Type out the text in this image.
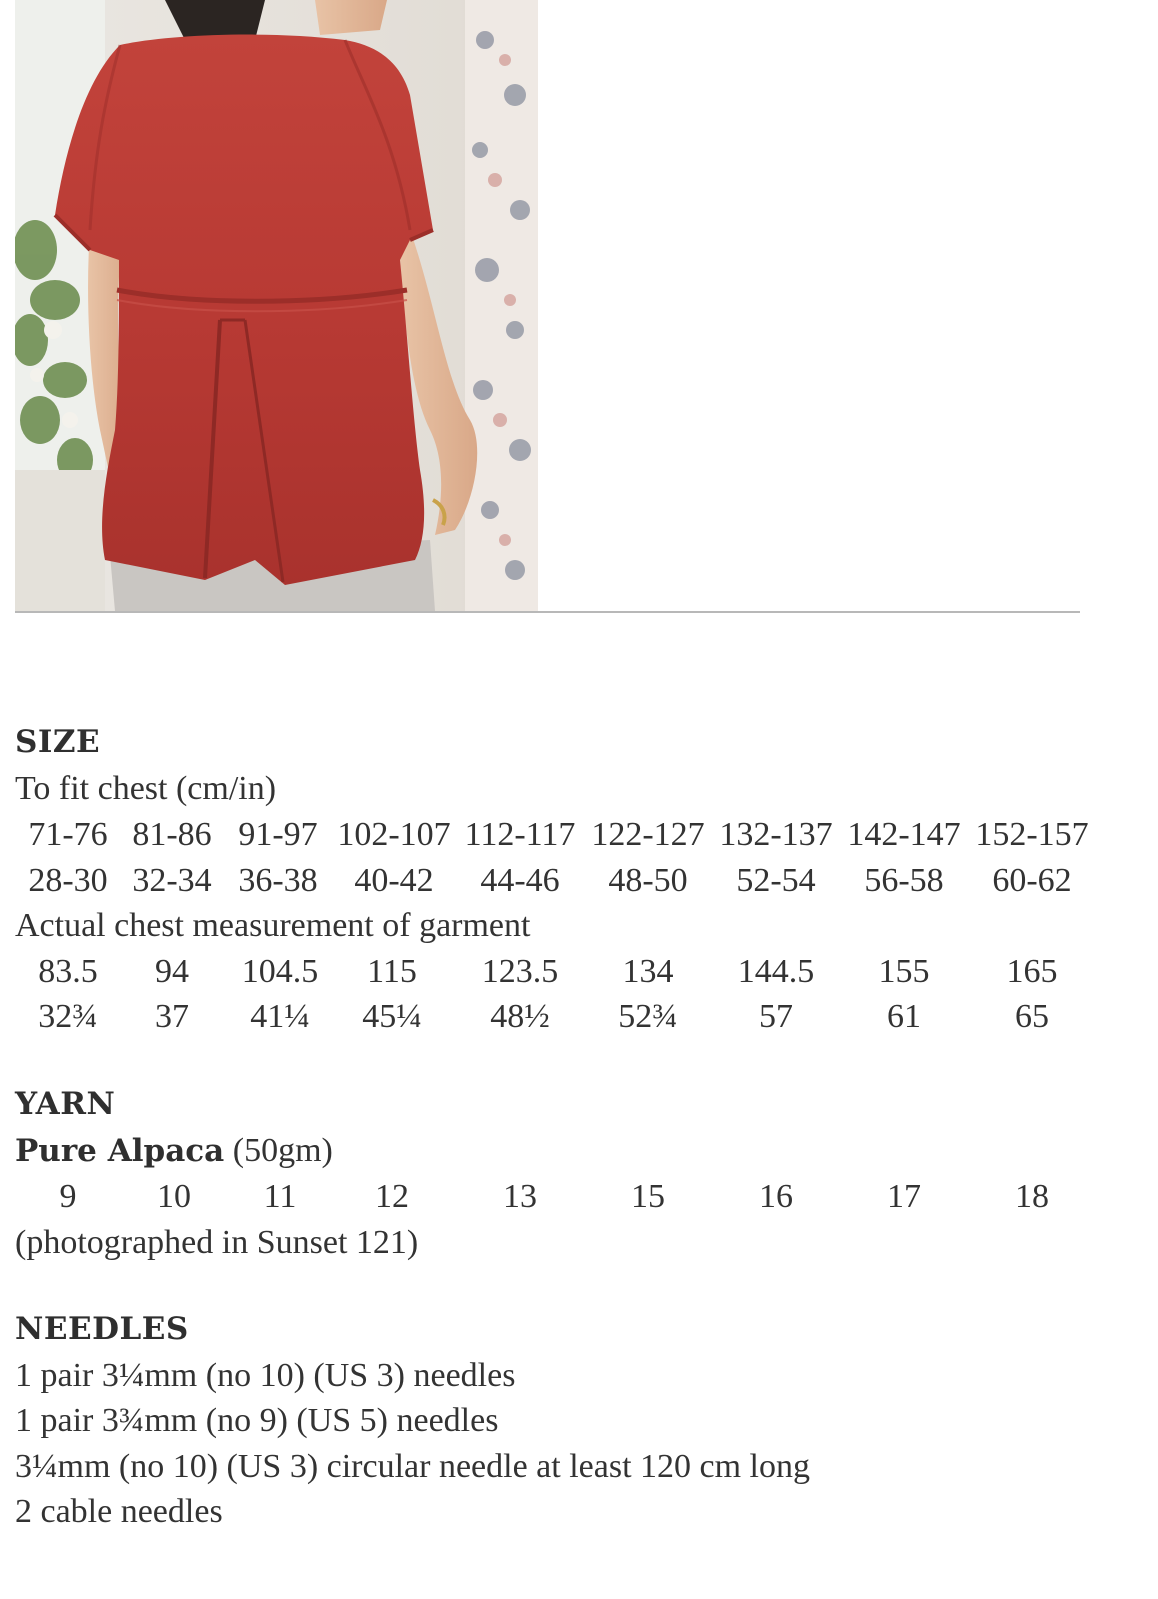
SIZE

To fit chest (cm/in)

71-76 81-86 91-97 102-107 112-117 122-127 132-137 142-147 152-157
28-30 32-34 36-38 40-42 44-46 48-50 52-54 56-58 60-62

Actual chest measurement of garment

83.5 94 104.5 115 123.5 134 144.5 155 165
32¾ 37 41¼ 45¼ 48½ 52¾ 57	61	65
YARN

Pure Alpaca (50gm)

9 10 11 12	13	15	16	17	18

(photographed in Sunset 121)

NEEDLES

1 pair 3¼mm (no 10) (US 3) needles

1 pair 3¾mm (no 9) (US 5) needles

3¼mm (no 10) (US 3) circular needle at least 120 cm long

2 cable needles
